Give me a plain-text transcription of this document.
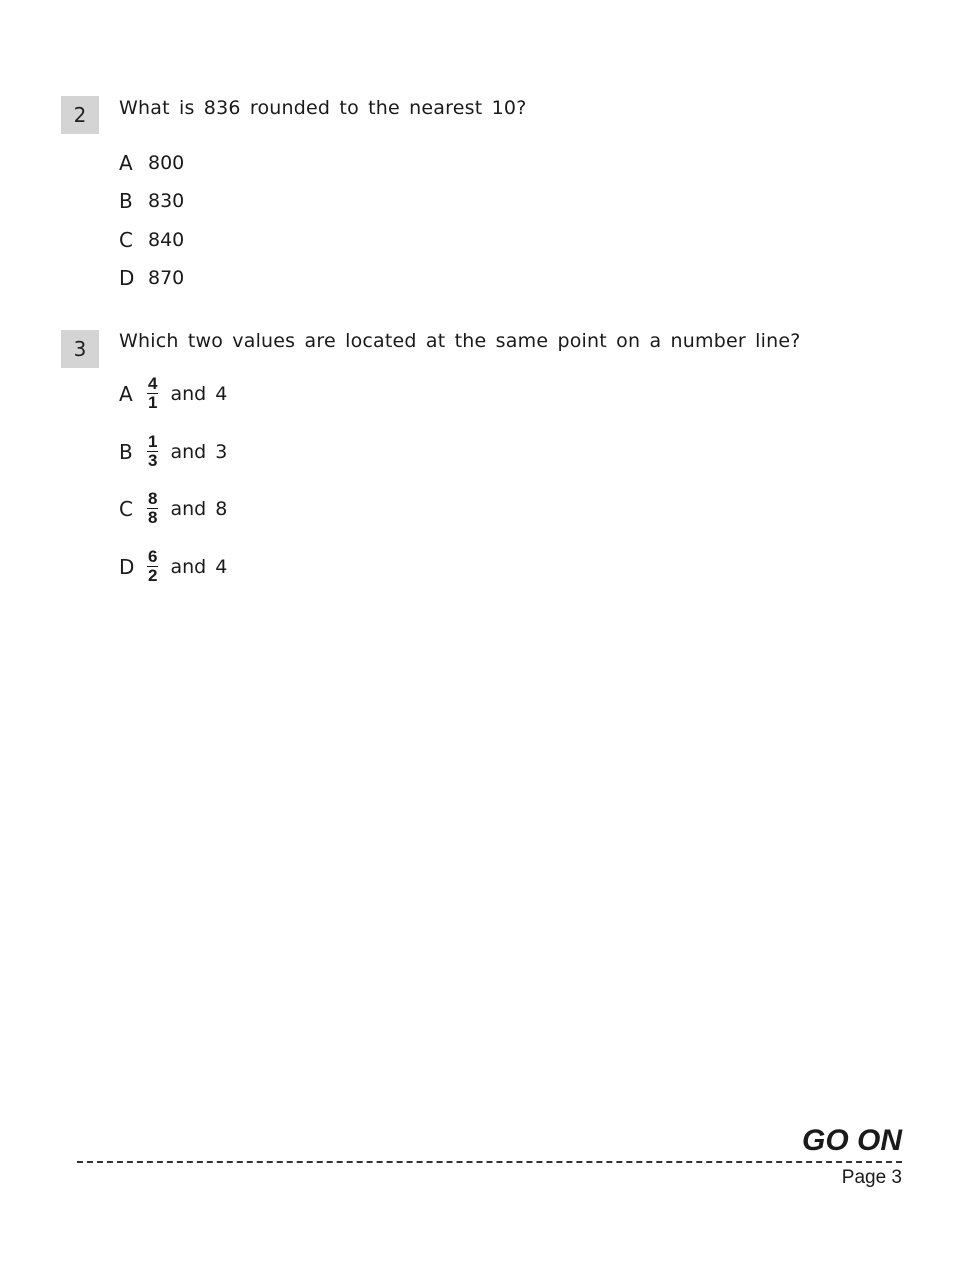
2 What is 836 rounded to the nearest 10?
A 800
B 830
C 840
D 870
3 Which two values are located at the same point on a number line?
A $\frac{4}{1}$ and 4
B $\frac{1}{3}$ and 3
C $\frac{8}{8}$ and 8
D $\frac{6}{2}$ and 4
GO ON
Page 3
